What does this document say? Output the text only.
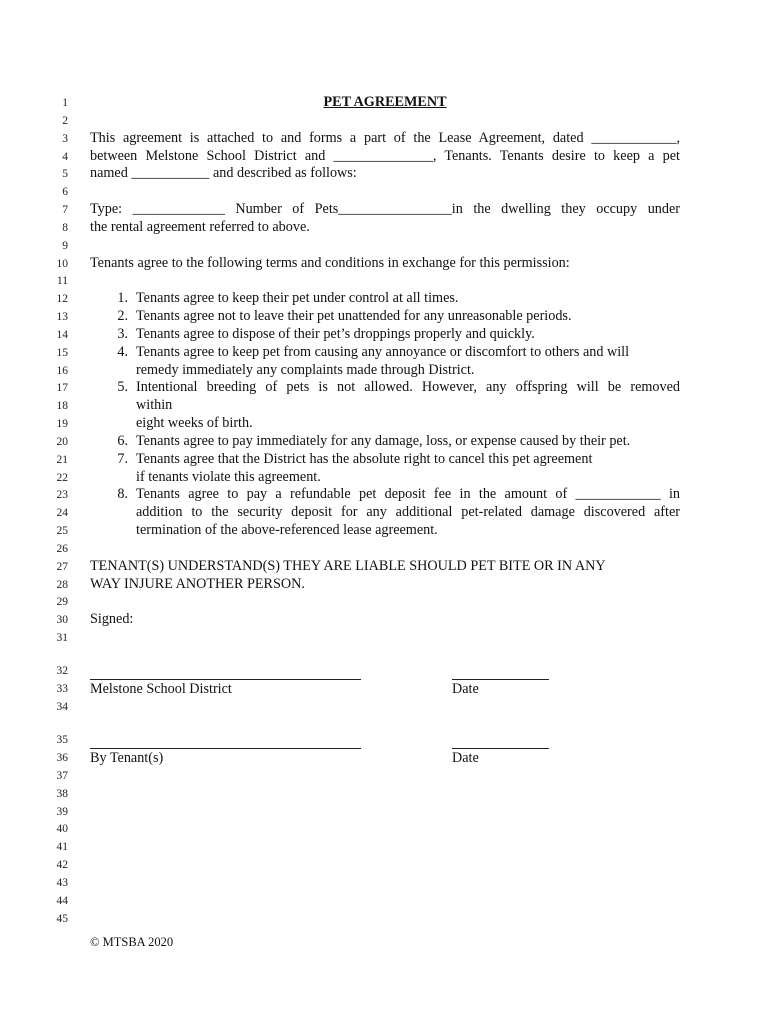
1
2
3
4
5
6
7
8
9
10
11
12
13
14
15
16
17
18
19
20
21
22
23
24
25
26
27
28
29
30
31
32
33
34
35
36
37
38
39
40
41
42
43
44
45
PET AGREEMENT
This agreement is attached to and forms a part of the Lease Agreement, dated ____________,
between Melstone School District and ______________, Tenants. Tenants desire to keep a pet
named ___________ and described as follows:
Type: _____________ Number of Pets________________in the dwelling they occupy under
the rental agreement referred to above.
Tenants agree to the following terms and conditions in exchange for this permission:
1. Tenants agree to keep their pet under control at all times.
2. Tenants agree not to leave their pet unattended for any unreasonable periods.
3. Tenants agree to dispose of their pet’s droppings properly and quickly.
4. Tenants agree to keep pet from causing any annoyance or discomfort to others and will
remedy immediately any complaints made through District.
5. Intentional breeding of pets is not allowed. However, any offspring will be removed
within
eight weeks of birth.
6. Tenants agree to pay immediately for any damage, loss, or expense caused by their pet.
7. Tenants agree that the District has the absolute right to cancel this pet agreement
if tenants violate this agreement.
8. Tenants agree to pay a refundable pet deposit fee in the amount of ____________ in
addition to the security deposit for any additional pet-related damage discovered after
termination of the above-referenced lease agreement.
TENANT(S) UNDERSTAND(S) THEY ARE LIABLE SHOULD PET BITE OR IN ANY
WAY INJURE ANOTHER PERSON.
Signed:
Melstone School District	Date
By Tenant(s)	Date
© MTSBA 2020
